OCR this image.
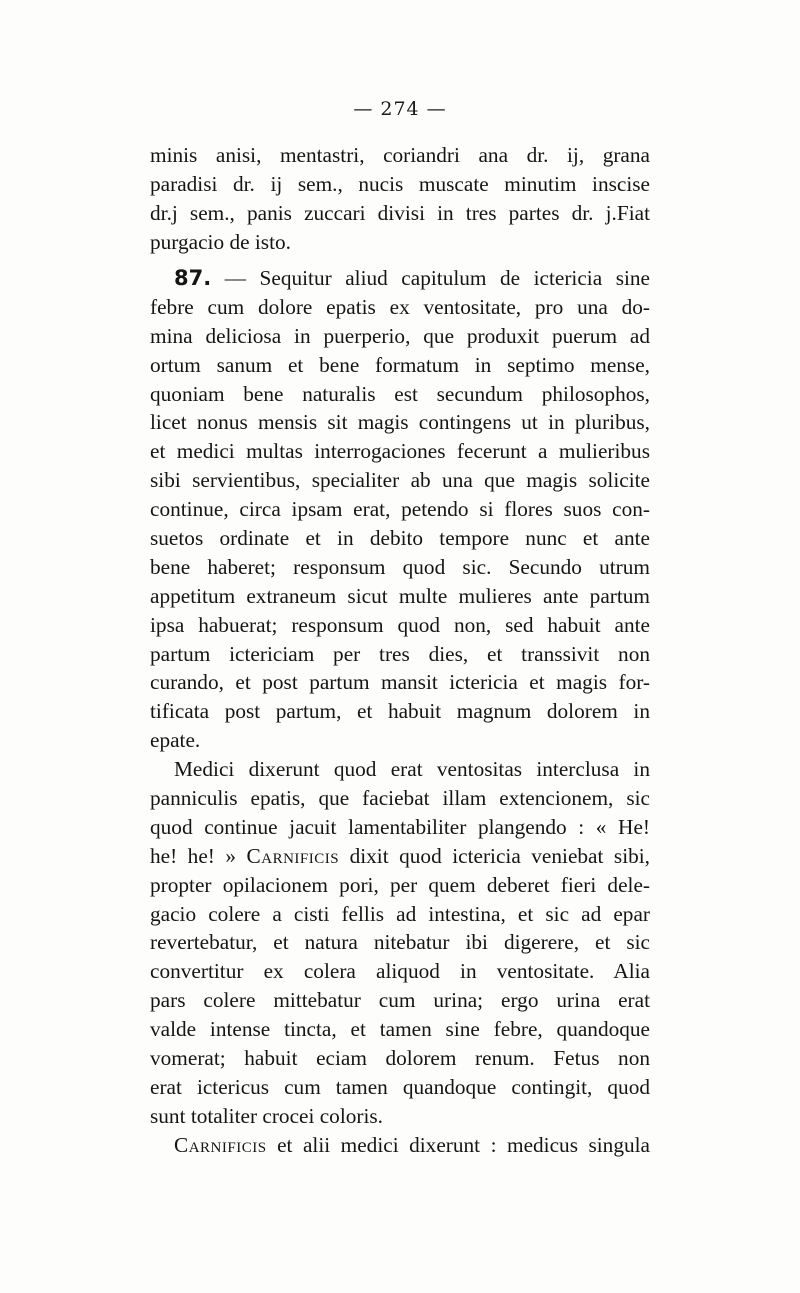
— 274 —
minis anisi, mentastri, coriandri ana dr. ij, grana
paradisi dr. ij sem., nucis muscate minutim inscise
dr.j sem., panis zuccari divisi in tres partes dr. j.Fiat
purgacio de isto.
87. — Sequitur aliud capitulum de ictericia sine
febre cum dolore epatis ex ventositate, pro una do-
mina deliciosa in puerperio, que produxit puerum ad
ortum sanum et bene formatum in septimo mense,
quoniam bene naturalis est secundum philosophos,
licet nonus mensis sit magis contingens ut in pluribus,
et medici multas interrogaciones fecerunt a mulieribus
sibi servientibus, specialiter ab una que magis solicite
continue, circa ipsam erat, petendo si flores suos con-
suetos ordinate et in debito tempore nunc et ante
bene haberet; responsum quod sic. Secundo utrum
appetitum extraneum sicut multe mulieres ante partum
ipsa habuerat; responsum quod non, sed habuit ante
partum ictericiam per tres dies, et transsivit non
curando, et post partum mansit ictericia et magis for-
tificata post partum, et habuit magnum dolorem in
epate.
Medici dixerunt quod erat ventositas interclusa in
panniculis epatis, que faciebat illam extencionem, sic
quod continue jacuit lamentabiliter plangendo : « He!
he! he! » Carnificis dixit quod ictericia veniebat sibi,
propter opilacionem pori, per quem deberet fieri dele-
gacio colere a cisti fellis ad intestina, et sic ad epar
revertebatur, et natura nitebatur ibi digerere, et sic
convertitur ex colera aliquod in ventositate. Alia
pars colere mittebatur cum urina; ergo urina erat
valde intense tincta, et tamen sine febre, quandoque
vomerat; habuit eciam dolorem renum. Fetus non
erat ictericus cum tamen quandoque contingit, quod
sunt totaliter crocei coloris.
Carnificis et alii medici dixerunt : medicus singula
